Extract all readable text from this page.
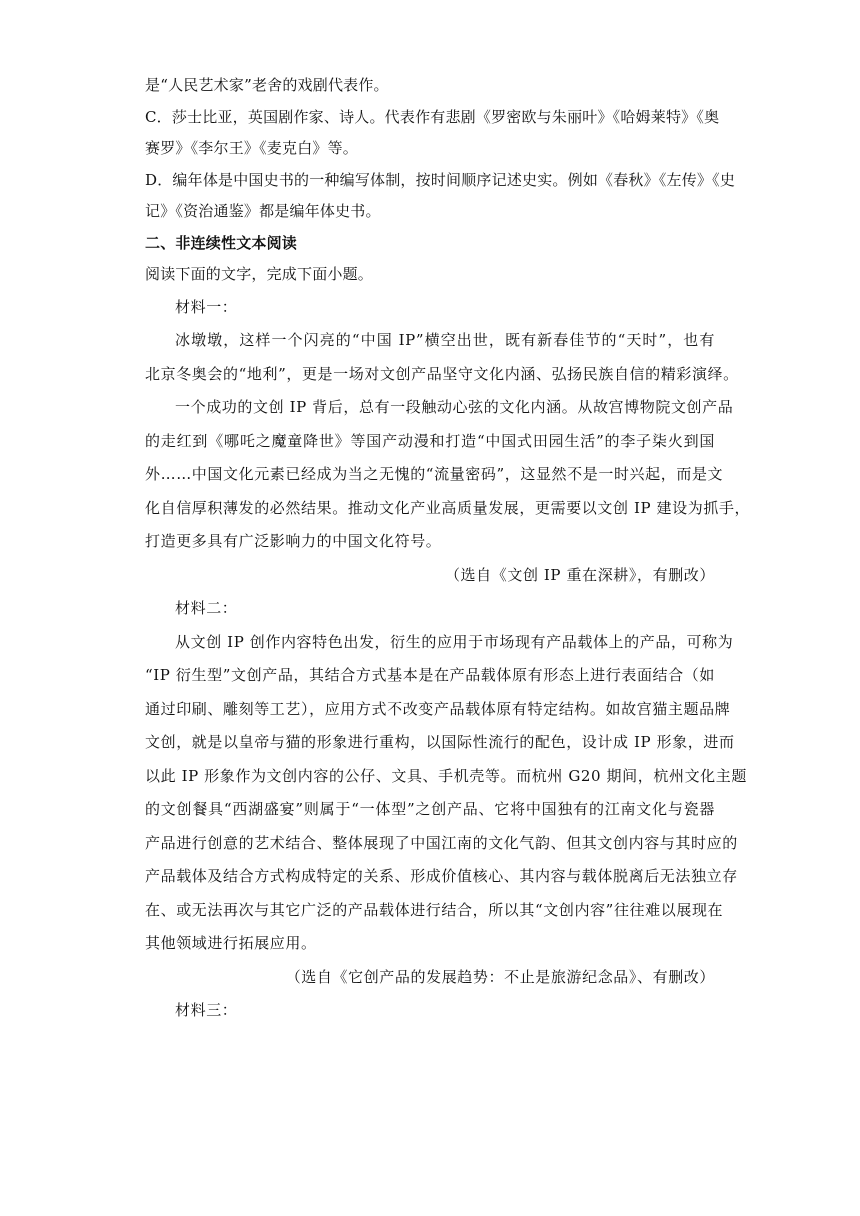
是“人民艺术家”老舍的戏剧代表作。
C．莎士比亚，英国剧作家、诗人。代表作有悲剧《罗密欧与朱丽叶》《哈姆莱特》《奥
赛罗》《李尔王》《麦克白》等。
D．编年体是中国史书的一种编写体制，按时间顺序记述史实。例如《春秋》《左传》《史
记》《资治通鉴》都是编年体史书。
二、非连续性文本阅读
阅读下面的文字，完成下面小题。
材料一：
冰墩墩，这样一个闪亮的“中国 IP”横空出世，既有新春佳节的“天时”，也有
北京冬奥会的“地利”，更是一场对文创产品坚守文化内涵、弘扬民族自信的精彩演绎。
一个成功的文创 IP 背后，总有一段触动心弦的文化内涵。从故宫博物院文创产品
的走红到《哪吒之魔童降世》等国产动漫和打造“中国式田园生活”的李子柒火到国
外……中国文化元素已经成为当之无愧的“流量密码”，这显然不是一时兴起，而是文
化自信厚积薄发的必然结果。推动文化产业高质量发展，更需要以文创 IP 建设为抓手，
打造更多具有广泛影响力的中国文化符号。
（选自《文创 IP 重在深耕》，有删改）
材料二：
从文创 IP 创作内容特色出发，衍生的应用于市场现有产品载体上的产品，可称为
“IP 衍生型”文创产品，其结合方式基本是在产品载体原有形态上进行表面结合（如
通过印刷、雕刻等工艺），应用方式不改变产品载体原有特定结构。如故宫猫主题品牌
文创，就是以皇帝与猫的形象进行重构，以国际性流行的配色，设计成 IP 形象，进而
以此 IP 形象作为文创内容的公仔、文具、手机壳等。而杭州 G20 期间，杭州文化主题
的文创餐具“西湖盛宴”则属于“一体型”之创产品、它将中国独有的江南文化与瓷器
产品进行创意的艺术结合、整体展现了中国江南的文化气韵、但其文创内容与其时应的
产品载体及结合方式构成特定的关系、形成价值核心、其内容与载体脱离后无法独立存
在、或无法再次与其它广泛的产品载体进行结合，所以其“文创内容”往往难以展现在
其他领域进行拓展应用。
（选自《它创产品的发展趋势：不止是旅游纪念品》、有删改）
材料三：
